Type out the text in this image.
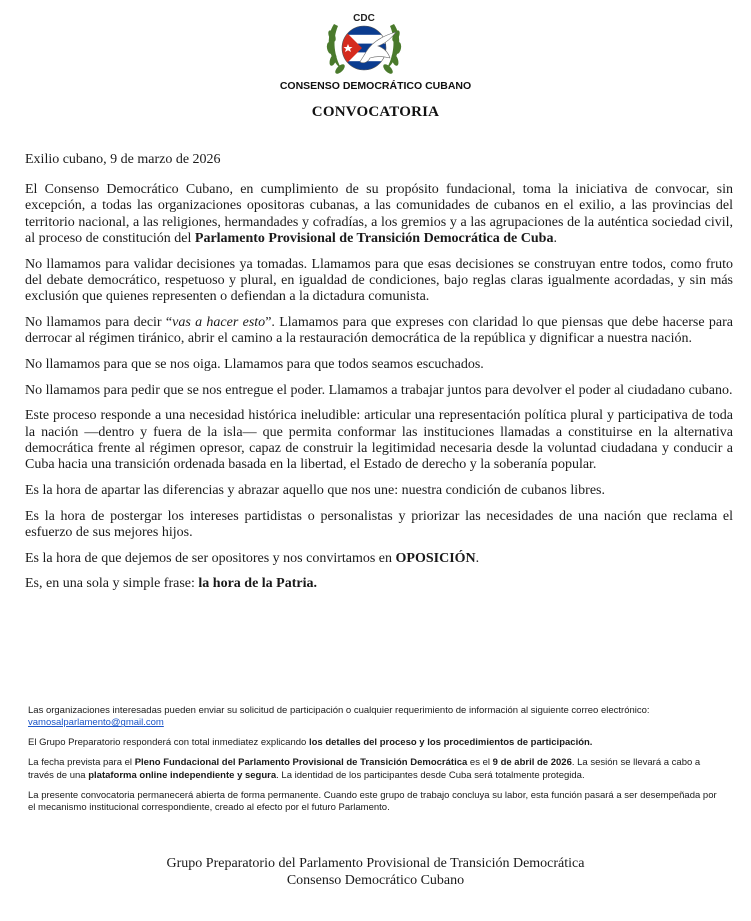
CDC
CONSENSO DEMOCRÁTICO CUBANO
CONVOCATORIA

Exilio cubano, 9 de marzo de 2026

El Consenso Democrático Cubano, en cumplimiento de su propósito fundacional, toma la iniciativa de convocar, sin excepción, a todas las organizaciones opositoras cubanas, a las comunidades de cubanos en el exilio, a las provincias del territorio nacional, a las religiones, hermandades y cofradías, a los gremios y a las agrupaciones de la auténtica sociedad civil, al proceso de constitución del Parlamento Provisional de Transición Democrática de Cuba.

No llamamos para validar decisiones ya tomadas. Llamamos para que esas decisiones se construyan entre todos, como fruto del debate democrático, respetuoso y plural, en igualdad de condiciones, bajo reglas claras igualmente acordadas, y sin más exclusión que quienes representen o defiendan a la dictadura comunista.

No llamamos para decir “vas a hacer esto”. Llamamos para que expreses con claridad lo que piensas que debe hacerse para derrocar al régimen tiránico, abrir el camino a la restauración democrática de la república y dignificar a nuestra nación.

No llamamos para que se nos oiga. Llamamos para que todos seamos escuchados.

No llamamos para pedir que se nos entregue el poder. Llamamos a trabajar juntos para devolver el poder al ciudadano cubano.

Este proceso responde a una necesidad histórica ineludible: articular una representación política plural y participativa de toda la nación —dentro y fuera de la isla— que permita conformar las instituciones llamadas a constituirse en la alternativa democrática frente al régimen opresor, capaz de construir la legitimidad necesaria desde la voluntad ciudadana y conducir a Cuba hacia una transición ordenada basada en la libertad, el Estado de derecho y la soberanía popular.

Es la hora de apartar las diferencias y abrazar aquello que nos une: nuestra condición de cubanos libres.

Es la hora de postergar los intereses partidistas o personalistas y priorizar las necesidades de una nación que reclama el esfuerzo de sus mejores hijos.

Es la hora de que dejemos de ser opositores y nos convirtamos en OPOSICIÓN.

Es, en una sola y simple frase: la hora de la Patria.

Las organizaciones interesadas pueden enviar su solicitud de participación o cualquier requerimiento de información al siguiente correo electrónico:
vamosalparlamento@gmail.com

El Grupo Preparatorio responderá con total inmediatez explicando los detalles del proceso y los procedimientos de participación.

La fecha prevista para el Pleno Fundacional del Parlamento Provisional de Transición Democrática es el 9 de abril de 2026. La sesión se llevará a cabo a través de una plataforma online independiente y segura. La identidad de los participantes desde Cuba será totalmente protegida.

La presente convocatoria permanecerá abierta de forma permanente. Cuando este grupo de trabajo concluya su labor, esta función pasará a ser desempeñada por el mecanismo institucional correspondiente, creado al efecto por el futuro Parlamento.

Grupo Preparatorio del Parlamento Provisional de Transición Democrática
Consenso Democrático Cubano
